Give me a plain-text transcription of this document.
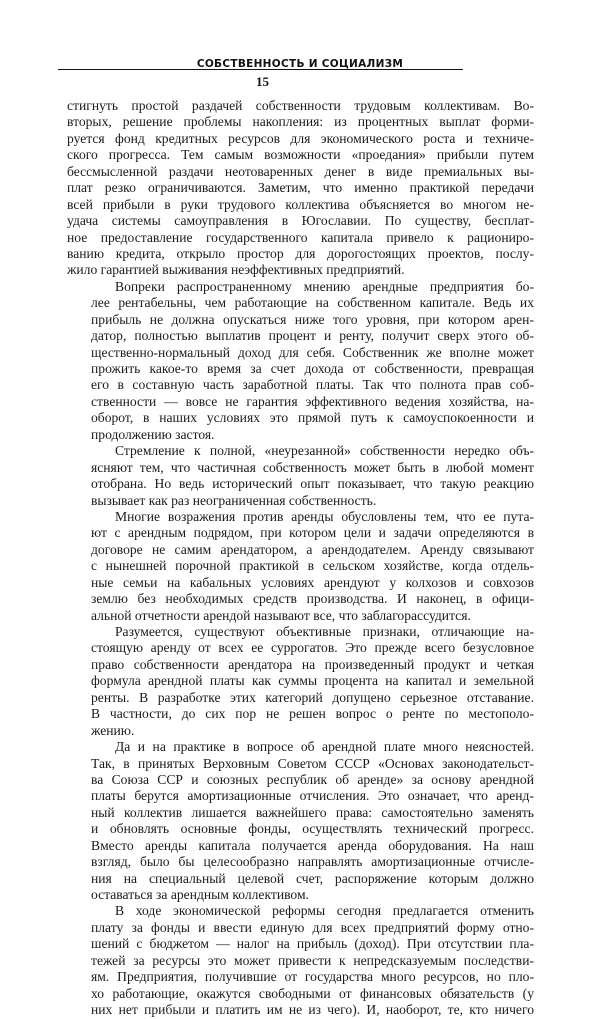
СОБСТВЕННОСТЬ И СОЦИАЛИЗМ
15
стигнуть простой раздачей собственности трудовым коллективам. Во-
вторых, решение проблемы накопления: из процентных выплат форми-
руется фонд кредитных ресурсов для экономического роста и техниче-
ского прогресса. Тем самым возможности «проедания» прибыли путем
бессмысленной раздачи неотоваренных денег в виде премиальных вы-
плат резко ограничиваются. Заметим, что именно практикой передачи
всей прибыли в руки трудового коллектива объясняется во многом не-
удача системы самоуправления в Югославии. По существу, бесплат-
ное предоставление государственного капитала привело к рациониро-
ванию кредита, открыло простор для дорогостоящих проектов, послу-
жило гарантией выживания неэффективных предприятий.
Вопреки распространенному мнению арендные предприятия бо-
лее рентабельны, чем работающие на собственном капитале. Ведь их
прибыль не должна опускаться ниже того уровня, при котором арен-
датор, полностью выплатив процент и ренту, получит сверх этого об-
щественно-нормальный доход для себя. Собственник же вполне может
прожить какое-то время за счет дохода от собственности, превращая
его в составную часть заработной платы. Так что полнота прав соб-
ственности — вовсе не гарантия эффективного ведения хозяйства, на-
оборот, в наших условиях это прямой путь к самоуспокоенности и
продолжению застоя.
Стремление к полной, «неурезанной» собственности нередко объ-
ясняют тем, что частичная собственность может быть в любой момент
отобрана. Но ведь исторический опыт показывает, что такую реакцию
вызывает как раз неограниченная собственность.
Многие возражения против аренды обусловлены тем, что ее пута-
ют с арендным подрядом, при котором цели и задачи определяются в
договоре не самим арендатором, а арендодателем. Аренду связывают
с нынешней порочной практикой в сельском хозяйстве, когда отдель-
ные семьи на кабальных условиях арендуют у колхозов и совхозов
землю без необходимых средств производства. И наконец, в офици-
альной отчетности арендой называют все, что заблагорассудится.
Разумеется, существуют объективные признаки, отличающие на-
стоящую аренду от всех ее суррогатов. Это прежде всего безусловное
право собственности арендатора на произведенный продукт и четкая
формула арендной платы как суммы процента на капитал и земельной
ренты. В разработке этих категорий допущено серьезное отставание.
В частности, до сих пор не решен вопрос о ренте по местополо-
жению.
Да и на практике в вопросе об арендной плате много неясностей.
Так, в принятых Верховным Советом СССР «Основах законодательст-
ва Союза ССР и союзных республик об аренде» за основу арендной
платы берутся амортизационные отчисления. Это означает, что аренд-
ный коллектив лишается важнейшего права: самостоятельно заменять
и обновлять основные фонды, осуществлять технический прогресс.
Вместо аренды капитала получается аренда оборудования. На наш
взгляд, было бы целесообразно направлять амортизационные отчисле-
ния на специальный целевой счет, распоряжение которым должно
оставаться за арендным коллективом.
В ходе экономической реформы сегодня предлагается отменить
плату за фонды и ввести единую для всех предприятий форму отно-
шений с бюджетом — налог на прибыль (доход). При отсутствии пла-
тежей за ресурсы это может привести к непредсказуемым последстви-
ям. Предприятия, получившие от государства много ресурсов, но пло-
хо работающие, окажутся свободными от финансовых обязательств (у
них нет прибыли и платить им не из чего). И, наоборот, те, кто ничего
